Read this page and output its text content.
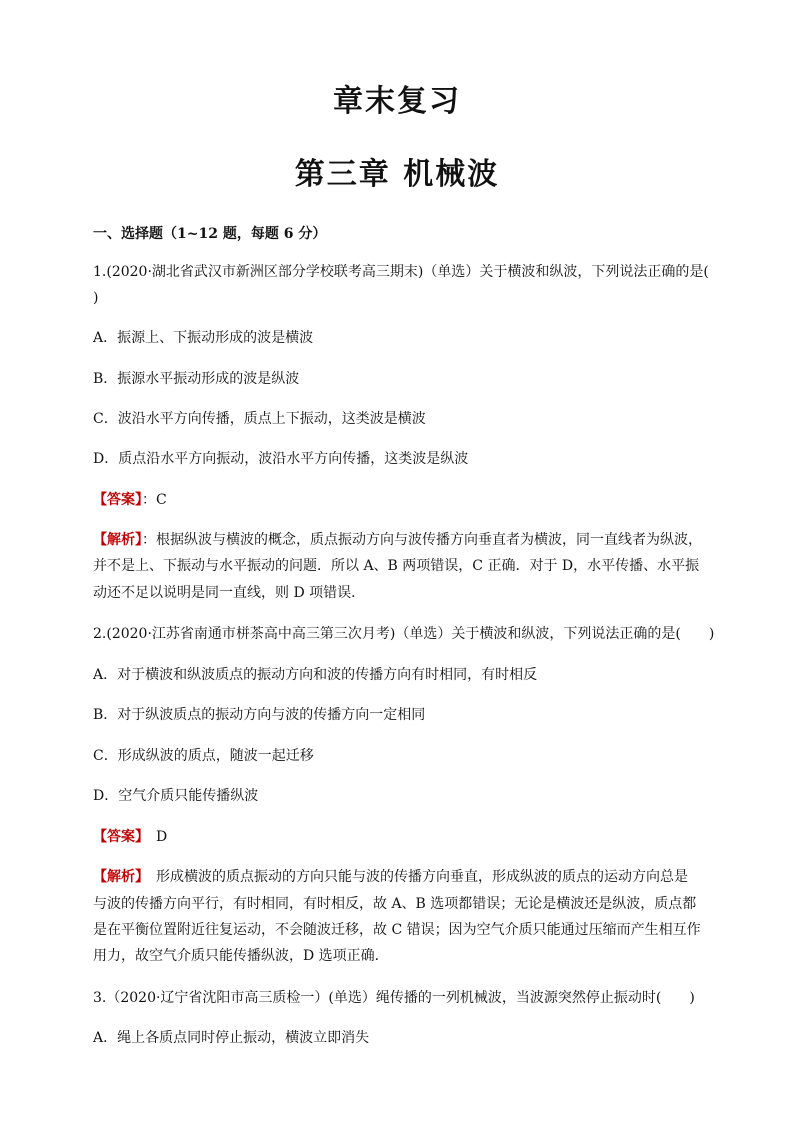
章末复习
第三章 机械波
一、选择题（1~12 题，每题 6 分）
1.(2020·湖北省武汉市新洲区部分学校联考高三期末)（单选）关于横波和纵波，下列说法正确的是(
)
A．振源上、下振动形成的波是横波
B．振源水平振动形成的波是纵波
C．波沿水平方向传播，质点上下振动，这类波是横波
D．质点沿水平方向振动，波沿水平方向传播，这类波是纵波
【答案】：C
【解析】：根据纵波与横波的概念，质点振动方向与波传播方向垂直者为横波，同一直线者为纵波，
并不是上、下振动与水平振动的问题．所以 A、B 两项错误，C 正确．对于 D，水平传播、水平振
动还不足以说明是同一直线，则 D 项错误．
2.(2020·江苏省南通市栟茶高中高三第三次月考)（单选）关于横波和纵波，下列说法正确的是(　　)
A．对于横波和纵波质点的振动方向和波的传播方向有时相同，有时相反
B．对于纵波质点的振动方向与波的传播方向一定相同
C．形成纵波的质点，随波一起迁移
D．空气介质只能传播纵波
【答案】　D
【解析】　形成横波的质点振动的方向只能与波的传播方向垂直，形成纵波的质点的运动方向总是
与波的传播方向平行，有时相同，有时相反，故 A、B 选项都错误；无论是横波还是纵波，质点都
是在平衡位置附近往复运动，不会随波迁移，故 C 错误；因为空气介质只能通过压缩而产生相互作
用力，故空气介质只能传播纵波，D 选项正确．
3.（2020·辽宁省沈阳市高三质检一）(单选）绳传播的一列机械波，当波源突然停止振动时(　　)
A．绳上各质点同时停止振动，横波立即消失
